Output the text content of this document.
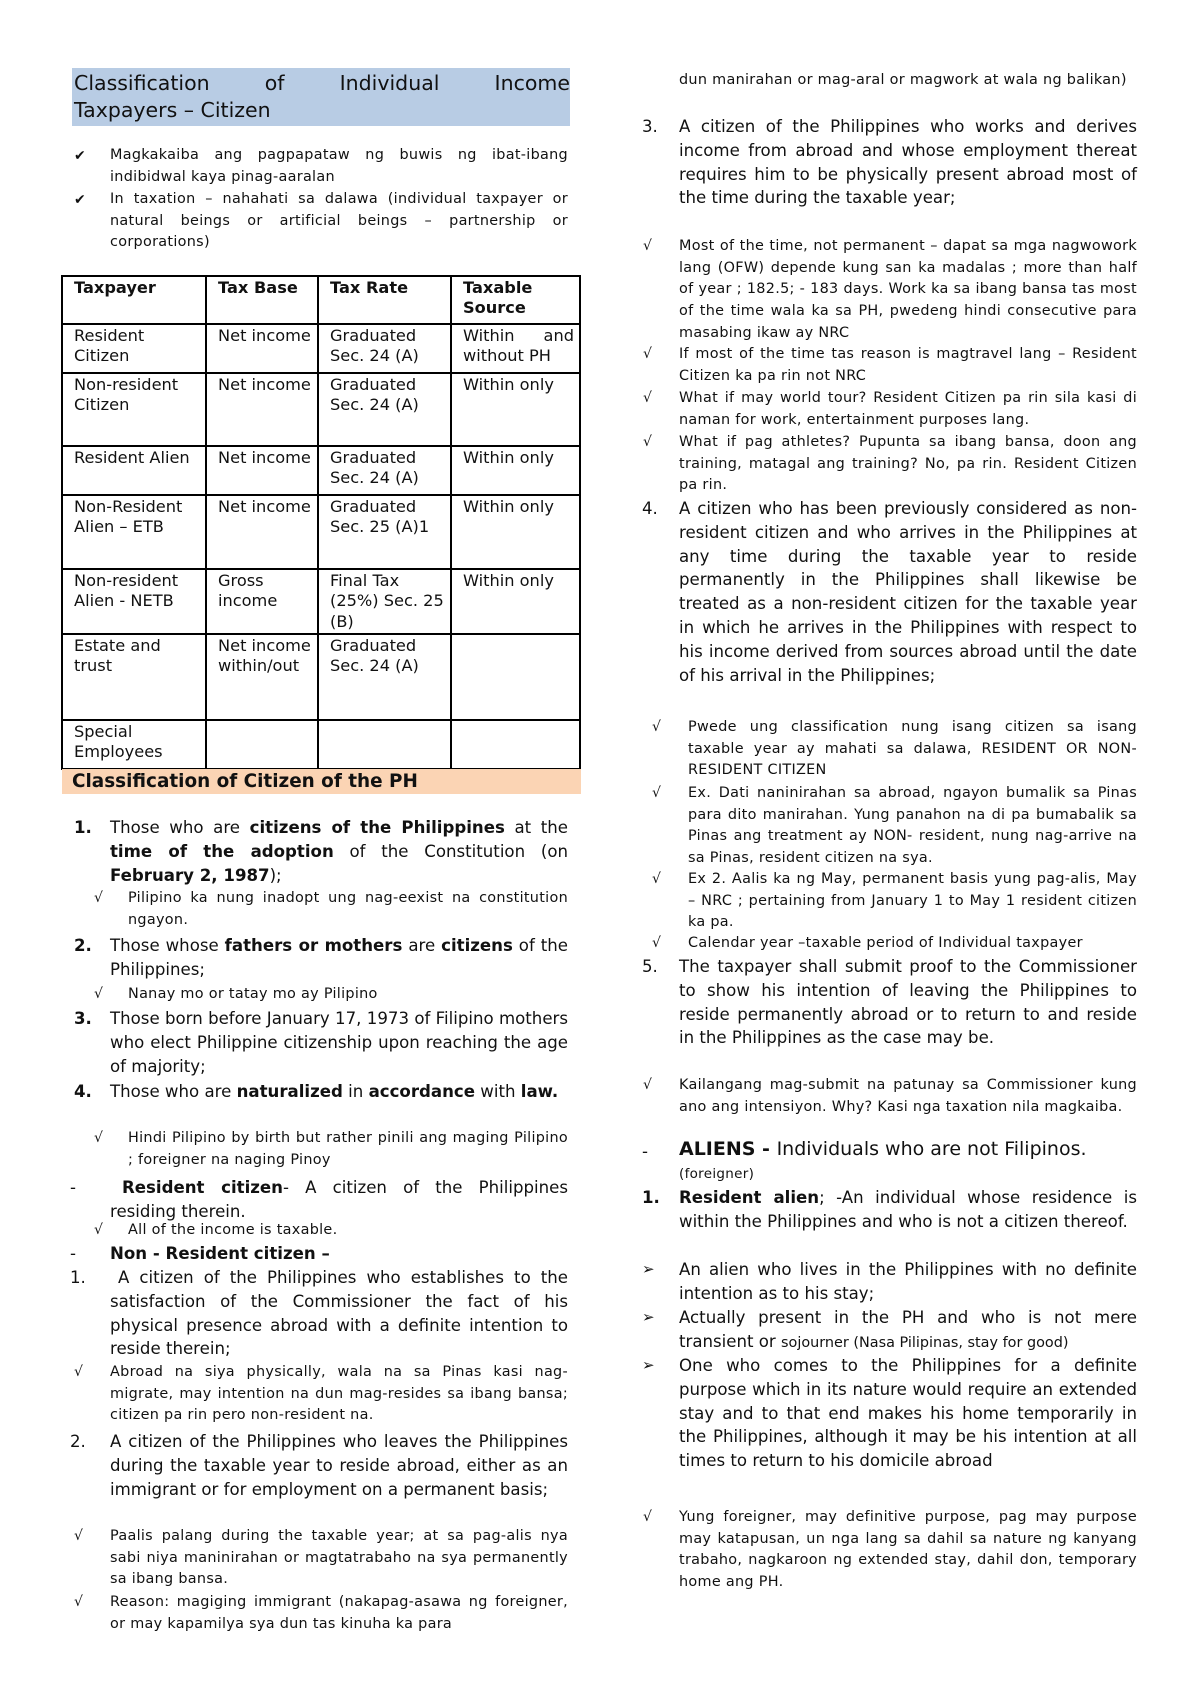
Classification	of	Individual	Income
Taxpayers – Citizen
✔ Magkakaiba ang pagpapataw ng buwis ng ibat-ibang indibidwal kaya pinag-aaralan
✔ In taxation – nahahati sa dalawa (individual taxpayer or natural beings or artificial beings – partnership or corporations)
Taxpayer	Tax Base	Tax Rate	Taxable Source
Resident Citizen	Net income	Graduated Sec. 24 (A)	Within and without PH
Non-resident Citizen	Net income	Graduated Sec. 24 (A)	Within only
Resident Alien	Net income	Graduated Sec. 24 (A)	Within only
Non-Resident Alien – ETB	Net income	Graduated Sec. 25 (A)1	Within only
Non-resident Alien - NETB	Gross income	Final Tax (25%) Sec. 25 (B)	Within only
Estate and trust	Net income within/out	Graduated Sec. 24 (A)	
Special Employees			
Classification of Citizen of the PH
1. Those who are citizens of the Philippines at the time of the adoption of the Constitution (on February 2, 1987);
√ Pilipino ka nung inadopt ung nag-eexist na constitution ngayon.
2. Those whose fathers or mothers are citizens of the Philippines;
√ Nanay mo or tatay mo ay Pilipino
3. Those born before January 17, 1973 of Filipino mothers who elect Philippine citizenship upon reaching the age of majority;
4. Those who are naturalized in accordance with law.
√ Hindi Pilipino by birth but rather pinili ang maging Pilipino ; foreigner na naging Pinoy
-	Resident citizen- A citizen of the Philippines residing therein.
√ All of the income is taxable.
- Non - Resident citizen –
1.	A citizen of the Philippines who establishes to the satisfaction of the Commissioner the fact of his physical presence abroad with a definite intention to reside therein;
√ Abroad na siya physically, wala na sa Pinas kasi nag-migrate, may intention na dun mag-resides sa ibang bansa; citizen pa rin pero non-resident na.
2. A citizen of the Philippines who leaves the Philippines during the taxable year to reside abroad, either as an immigrant or for employment on a permanent basis;
√ Paalis palang during the taxable year; at sa pag-alis nya sabi niya maninirahan or magtatrabaho na sya permanently sa ibang bansa.
√ Reason: magiging immigrant (nakapag-asawa ng foreigner, or may kapamilya sya dun tas kinuha ka para
dun manirahan or mag-aral or magwork at wala ng balikan)
3. A citizen of the Philippines who works and derives income from abroad and whose employment thereat requires him to be physically present abroad most of the time during the taxable year;
√ Most of the time, not permanent – dapat sa mga nagwowork lang (OFW) depende kung san ka madalas ; more than half of year ; 182.5; - 183 days. Work ka sa ibang bansa tas most of the time wala ka sa PH, pwedeng hindi consecutive para masabing ikaw ay NRC
√ If most of the time tas reason is magtravel lang – Resident Citizen ka pa rin not NRC
√ What if may world tour? Resident Citizen pa rin sila kasi di naman for work, entertainment purposes lang.
√ What if pag athletes? Pupunta sa ibang bansa, doon ang training, matagal ang training? No, pa rin. Resident Citizen pa rin.
4. A citizen who has been previously considered as non-resident citizen and who arrives in the Philippines at any time during the taxable year to reside permanently in the Philippines shall likewise be treated as a non-resident citizen for the taxable year in which he arrives in the Philippines with respect to his income derived from sources abroad until the date of his arrival in the Philippines;
√ Pwede ung classification nung isang citizen sa isang taxable year ay mahati sa dalawa, RESIDENT OR NON-RESIDENT CITIZEN
√ Ex. Dati naninirahan sa abroad, ngayon bumalik sa Pinas para dito manirahan. Yung panahon na di pa bumabalik sa Pinas ang treatment ay NON- resident, nung nag-arrive na sa Pinas, resident citizen na sya.
√ Ex 2. Aalis ka ng May, permanent basis yung pag-alis, May – NRC ; pertaining from January 1 to May 1 resident citizen ka pa.
√ Calendar year –taxable period of Individual taxpayer
5. The taxpayer shall submit proof to the Commissioner to show his intention of leaving the Philippines to reside permanently abroad or to return to and reside in the Philippines as the case may be.
√ Kailangang mag-submit na patunay sa Commissioner kung ano ang intensiyon. Why? Kasi nga taxation nila magkaiba.
- ALIENS - Individuals who are not Filipinos.
(foreigner)
1. Resident alien; -An individual whose residence is within the Philippines and who is not a citizen thereof.
➢ An alien who lives in the Philippines with no definite intention as to his stay;
➢ Actually present in the PH and who is not mere transient or sojourner (Nasa Pilipinas, stay for good)
➢ One who comes to the Philippines for a definite purpose which in its nature would require an extended stay and to that end makes his home temporarily in the Philippines, although it may be his intention at all times to return to his domicile abroad
√ Yung foreigner, may definitive purpose, pag may purpose may katapusan, un nga lang sa dahil sa nature ng kanyang trabaho, nagkaroon ng extended stay, dahil don, temporary home ang PH.
